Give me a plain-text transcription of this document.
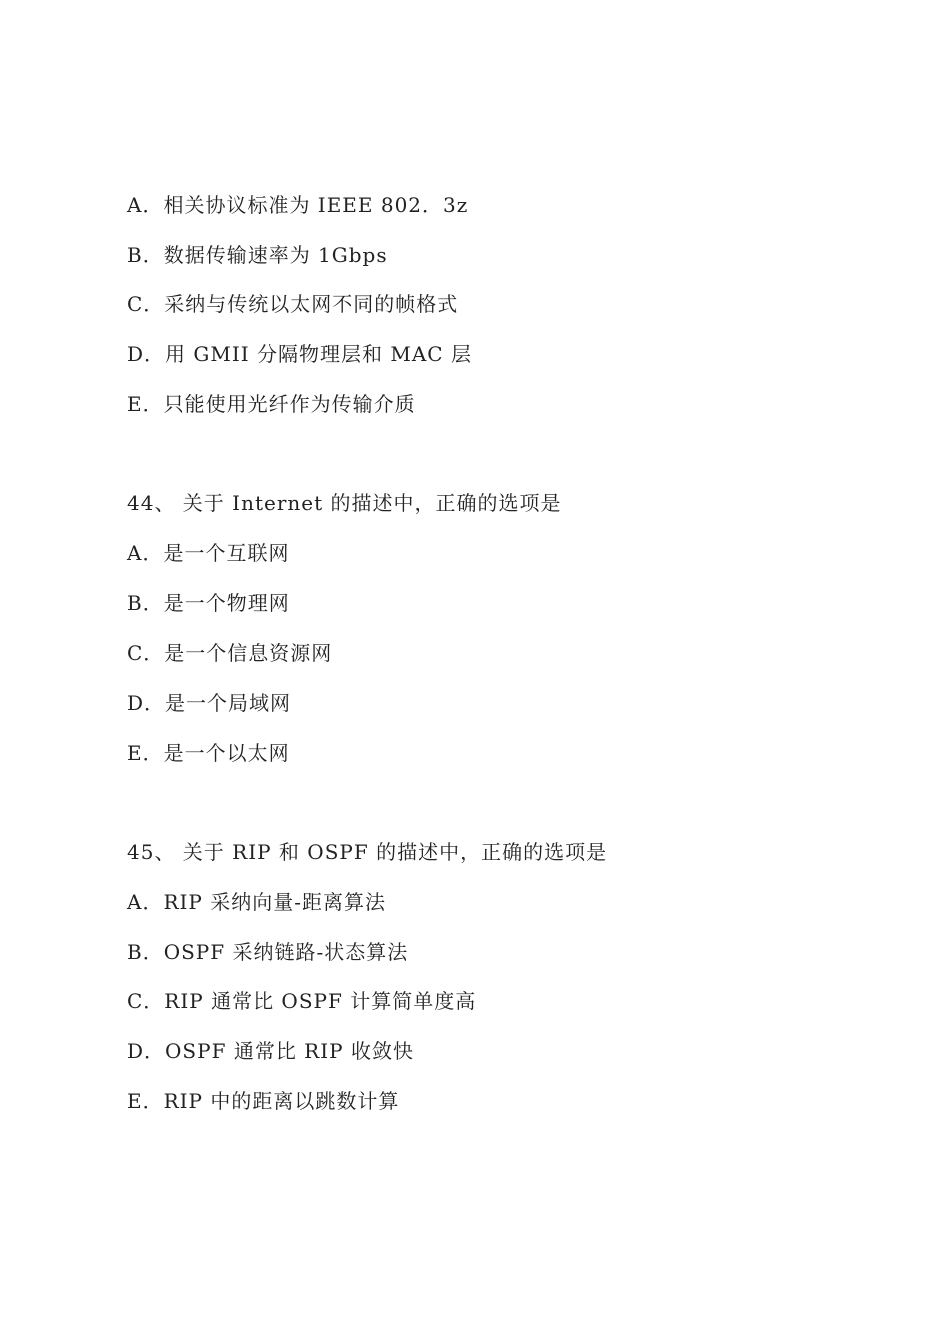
A．相关协议标准为 IEEE 802．3z
B．数据传输速率为 1Gbps
C．采纳与传统以太网不同的帧格式
D．用 GMII 分隔物理层和 MAC 层
E．只能使用光纤作为传输介质
44、 关于 Internet 的描述中，正确的选项是
A．是一个互联网
B．是一个物理网
C．是一个信息资源网
D．是一个局域网
E．是一个以太网
45、 关于 RIP 和 OSPF 的描述中，正确的选项是
A．RIP 采纳向量-距离算法
B．OSPF 采纳链路-状态算法
C．RIP 通常比 OSPF 计算简单度高
D．OSPF 通常比 RIP 收敛快
E．RIP 中的距离以跳数计算
